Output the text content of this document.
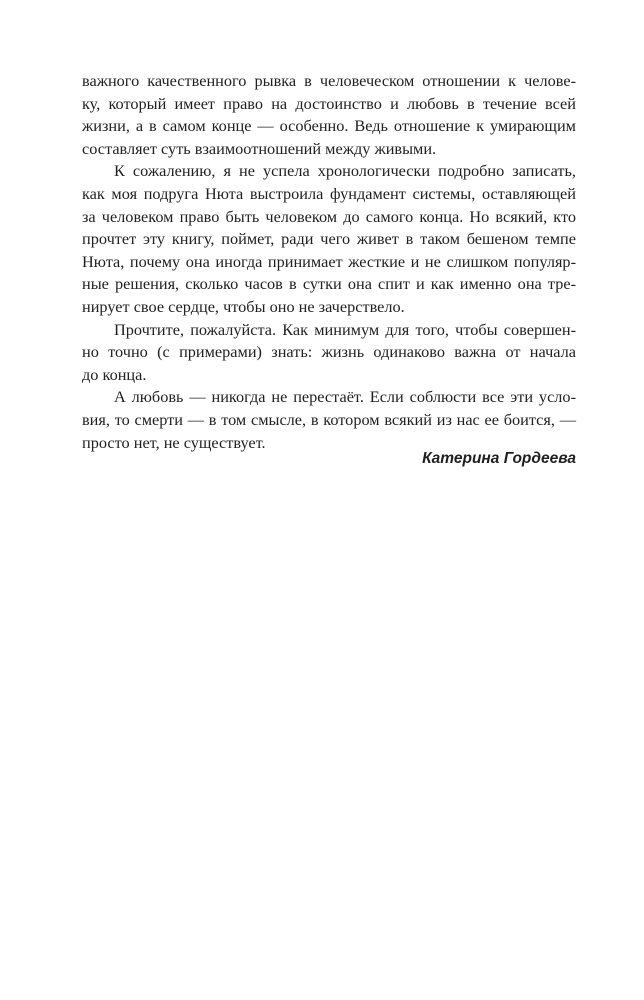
важного качественного рывка в человеческом отношении к челове-
ку, который имеет право на достоинство и любовь в течение всей
жизни, а в самом конце — особенно. Ведь отношение к умирающим
составляет суть взаимоотношений между живыми.
К сожалению, я не успела хронологически подробно записать,
как моя подруга Нюта выстроила фундамент системы, оставляющей
за человеком право быть человеком до самого конца. Но всякий, кто
прочтет эту книгу, поймет, ради чего живет в таком бешеном темпе
Нюта, почему она иногда принимает жесткие и не слишком популяр-
ные решения, сколько часов в сутки она спит и как именно она тре-
нирует свое сердце, чтобы оно не зачерствело.
Прочтите, пожалуйста. Как минимум для того, чтобы совершен-
но точно (с примерами) знать: жизнь одинаково важна от начала
до конца.
А любовь — никогда не перестаёт. Если соблюсти все эти усло-
вия, то смерти — в том смысле, в котором всякий из нас ее боится, —
просто нет, не существует.
Катерина Гордеева
